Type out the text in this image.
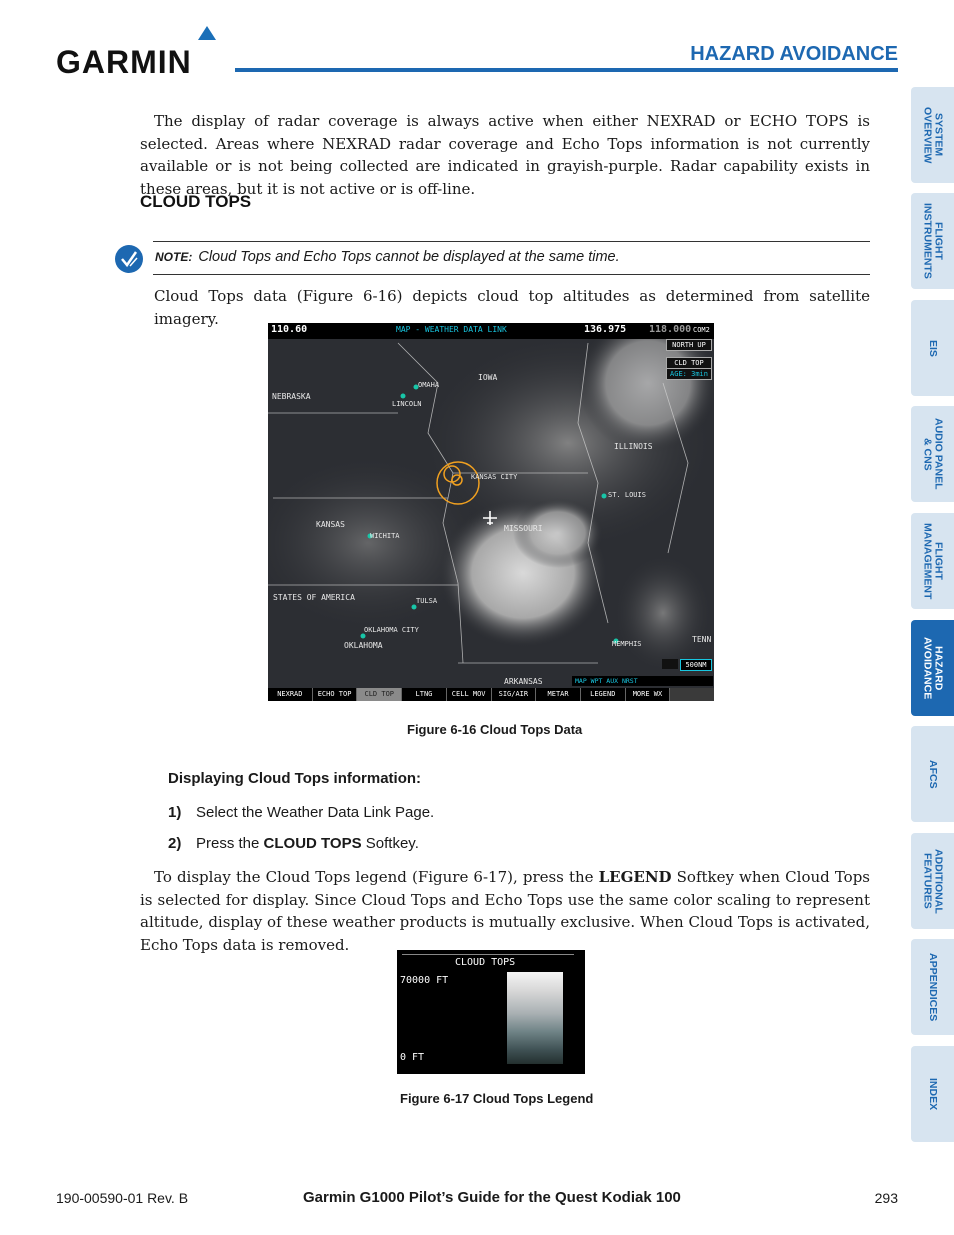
GARMIN	HAZARD AVOIDANCE
SYSTEM
OVERVIEW
FLIGHT
INSTRUMENTS
EIS
AUDIO PANEL
& CNS
FLIGHT
MANAGEMENT
HAZARD
AVOIDANCE
AFCS
ADDITIONAL
FEATURES
APPENDICES
INDEX
The display of radar coverage is always active when either NEXRAD or ECHO TOPS is selected. Areas where NEXRAD radar coverage and Echo Tops information is not currently available or is not being collected are indicated in grayish-purple. Radar capability exists in these areas, but it is not active or is off-line.
CLOUD TOPS
NOTE: Cloud Tops and Echo Tops cannot be displayed at the same time.
Cloud Tops data (Figure 6-16) depicts cloud top altitudes as determined from satellite imagery.
110.60	MAP - WEATHER DATA LINK	136.975 118.000 COM2
NORTH UP
CLD TOP
AGE: 3min
NEBRASKA
OMAHA
LINCOLN
IOWA
ILLINOIS
KANSAS CITY
ST. LOUIS
KANSAS
WICHITA
MISSOURI
STATES OF AMERICA	TULSA
OKLAHOMA CITY
OKLAHOMA	MEMPHIS	TENN
ARKANSAS
500NM
MAP WPT AUX NRST
NEXRAD	ECHO TOP	CLD TOP	LTNG	CELL MOV	SIG/AIR	METAR	LEGEND	MORE WX
Figure 6-16 Cloud Tops Data
Displaying Cloud Tops information:
1) Select the Weather Data Link Page.
2) Press the CLOUD TOPS Softkey.
To display the Cloud Tops legend (Figure 6-17), press the LEGEND Softkey when Cloud Tops is selected for display. Since Cloud Tops and Echo Tops use the same color scaling to represent altitude, display of these weather products is mutually exclusive. When Cloud Tops is activated, Echo Tops data is removed.
CLOUD TOPS
70000 FT
0 FT
Figure 6-17 Cloud Tops Legend
190-00590-01 Rev. B	Garmin G1000 Pilot’s Guide for the Quest Kodiak 100	293
